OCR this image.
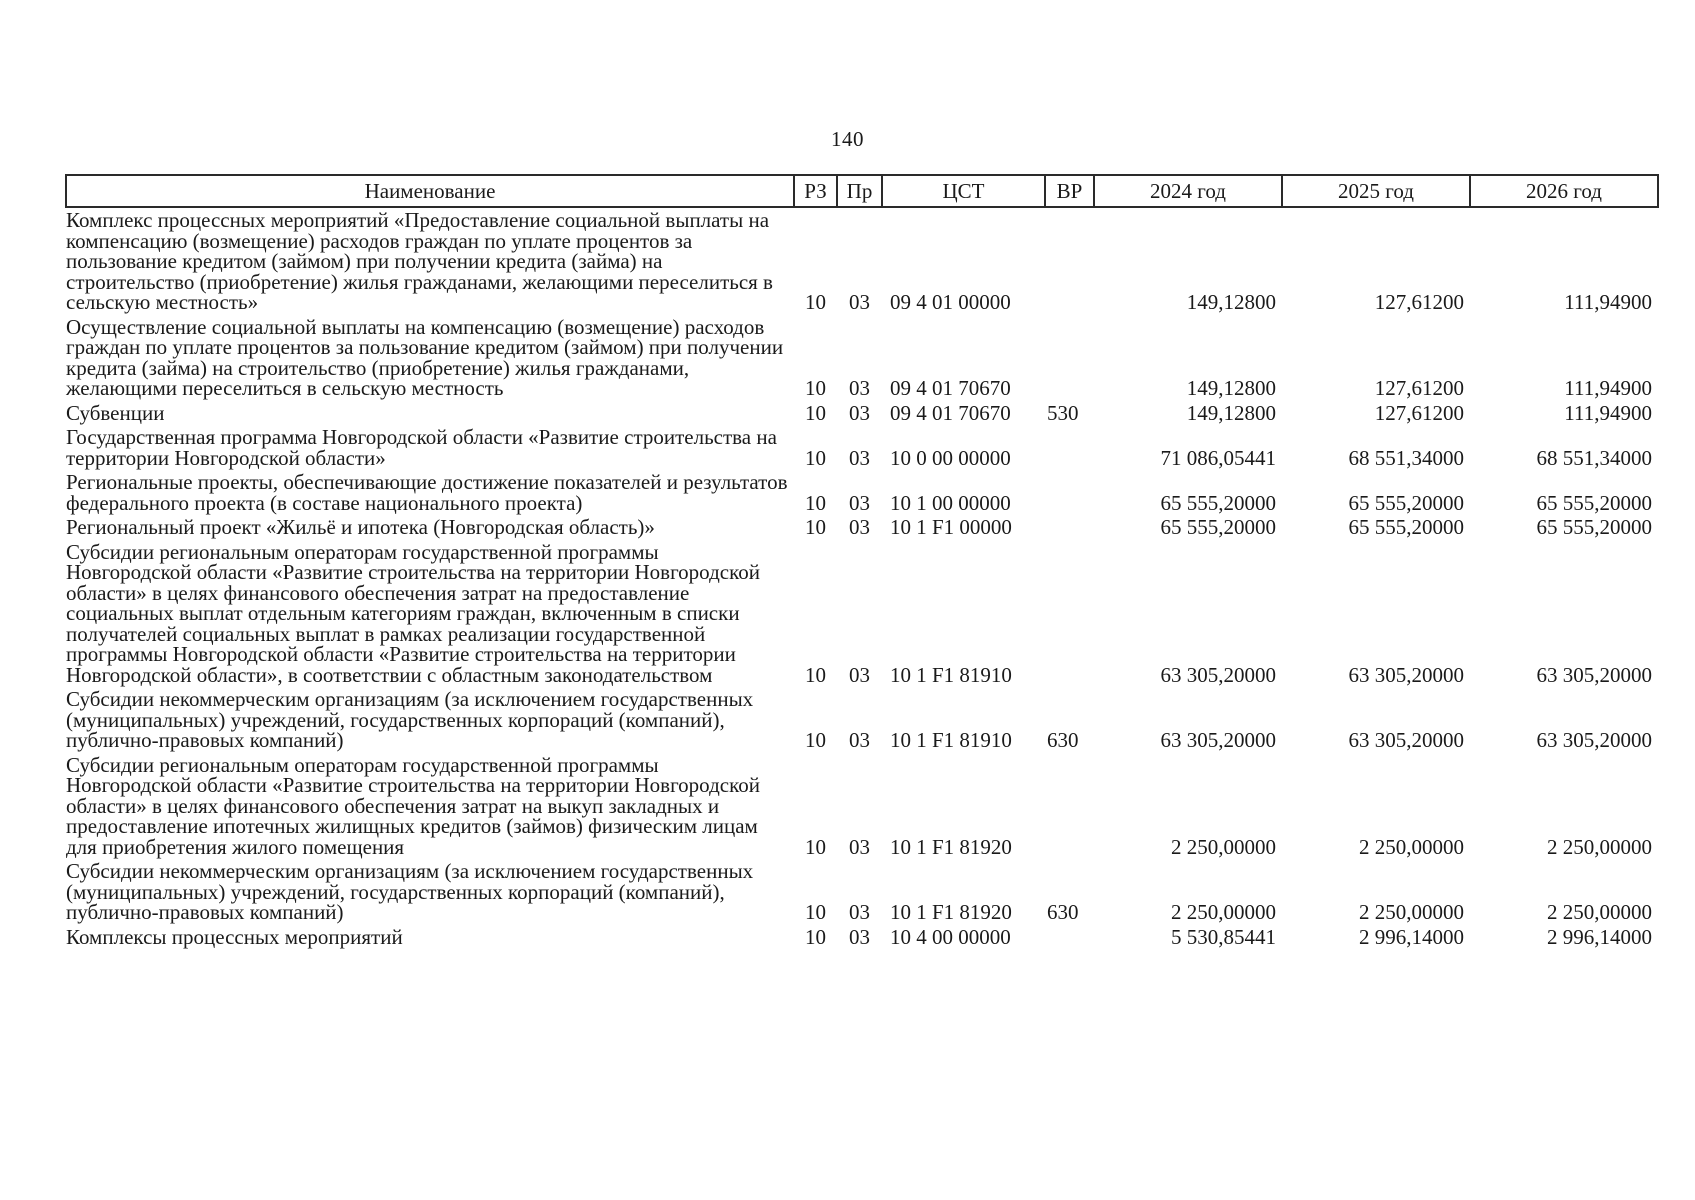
140
Наименование	РЗ	Пр	ЦСТ	ВР	2024 год	2025 год	2026 год
Комплекс процессных мероприятий «Предоставление социальной выплаты на компенсацию (возмещение) расходов граждан по уплате процентов за пользование кредитом (займом) при получении кредита (займа) на строительство (приобретение) жилья гражданами, желающими переселиться в сельскую местность»	10	03	09 4 01 00000		149,12800	127,61200	111,94900
Осуществление социальной выплаты на компенсацию (возмещение) расходов граждан по уплате процентов за пользование кредитом (займом) при получении кредита (займа) на строительство (приобретение) жилья гражданами, желающими переселиться в сельскую местность	10	03	09 4 01 70670		149,12800	127,61200	111,94900
Субвенции	10	03	09 4 01 70670	530	149,12800	127,61200	111,94900
Государственная программа Новгородской области «Развитие строительства на территории Новгородской области»	10	03	10 0 00 00000		71 086,05441	68 551,34000	68 551,34000
Региональные проекты, обеспечивающие достижение показателей и результатов федерального проекта (в составе национального проекта)	10	03	10 1 00 00000		65 555,20000	65 555,20000	65 555,20000
Региональный проект «Жильё и ипотека (Новгородская область)»	10	03	10 1 F1 00000		65 555,20000	65 555,20000	65 555,20000
Субсидии региональным операторам государственной программы Новгородской области «Развитие строительства на территории Новгородской области» в целях финансового обеспечения затрат на предоставление социальных выплат отдельным категориям граждан, включенным в списки получателей социальных выплат в рамках реализации государственной программы Новгородской области «Развитие строительства на территории Новгородской области», в соответствии с областным законодательством	10	03	10 1 F1 81910		63 305,20000	63 305,20000	63 305,20000
Субсидии некоммерческим организациям (за исключением государственных (муниципальных) учреждений, государственных корпораций (компаний), публично-правовых компаний)	10	03	10 1 F1 81910	630	63 305,20000	63 305,20000	63 305,20000
Субсидии региональным операторам государственной программы Новгородской области «Развитие строительства на территории Новгородской области» в целях финансового обеспечения затрат на выкуп закладных и предоставление ипотечных жилищных кредитов (займов) физическим лицам для приобретения жилого помещения	10	03	10 1 F1 81920		2 250,00000	2 250,00000	2 250,00000
Субсидии некоммерческим организациям (за исключением государственных (муниципальных) учреждений, государственных корпораций (компаний), публично-правовых компаний)	10	03	10 1 F1 81920	630	2 250,00000	2 250,00000	2 250,00000
Комплексы процессных мероприятий	10	03	10 4 00 00000		5 530,85441	2 996,14000	2 996,14000
